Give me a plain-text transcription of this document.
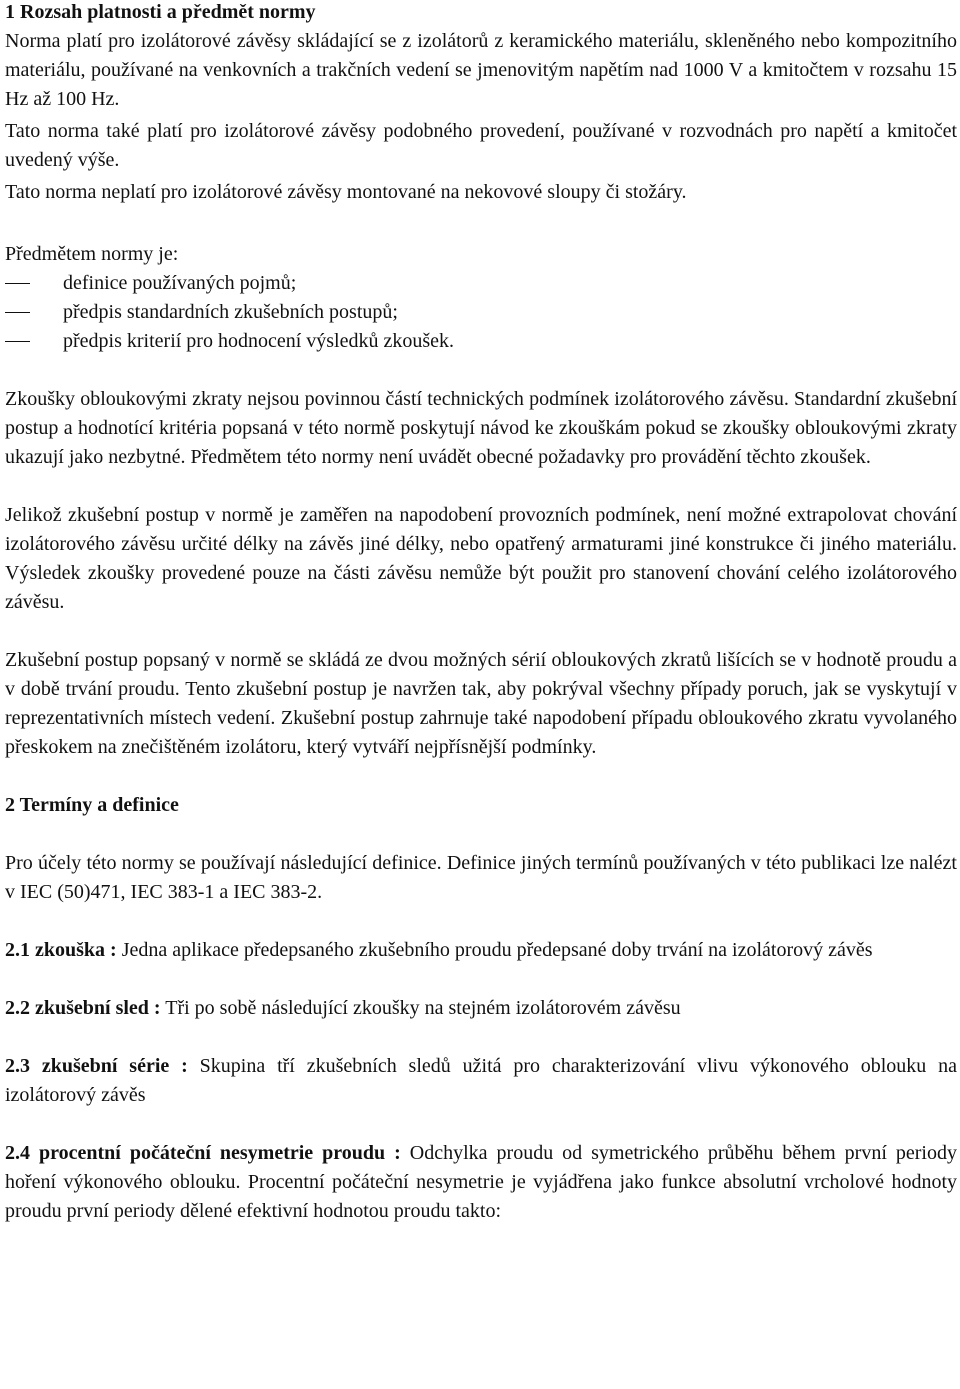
1 Rozsah platnosti a předmět normy

Norma platí pro izolátorové závěsy skládající se z izolátorů z keramického materiálu, skleněného nebo kompozitního materiálu, používané na venkovních a trakčních vedení se jmenovitým napětím nad 1000 V a kmitočtem v rozsahu 15 Hz až 100 Hz.

Tato norma také platí pro izolátorové závěsy podobného provedení, používané v rozvodnách pro napětí a kmitočet uvedený výše.

Tato norma neplatí pro izolátorové závěsy montované na nekovové sloupy či stožáry.

Předmětem normy je:

definice používaných pojmů;
předpis standardních zkušebních postupů;
předpis kriterií pro hodnocení výsledků zkoušek.

Zkoušky obloukovými zkraty nejsou povinnou částí technických podmínek izolátorového závěsu. Standardní zkušební postup a hodnotící kritéria popsaná v této normě poskytují návod ke zkouškám pokud se zkoušky obloukovými zkraty ukazují jako nezbytné. Předmětem této normy není uvádět obecné požadavky pro provádění těchto zkoušek.

Jelikož zkušební postup v normě je zaměřen na napodobení provozních podmínek, není možné extrapolovat chování izolátorového závěsu určité délky na závěs jiné délky, nebo opatřený armaturami jiné konstrukce či jiného materiálu. Výsledek zkoušky provedené pouze na části závěsu nemůže být použit pro stanovení chování celého izolátorového závěsu.

Zkušební postup popsaný v normě se skládá ze dvou možných sérií obloukových zkratů lišících se v hodnotě proudu a v době trvání proudu. Tento zkušební postup je navržen tak, aby pokrýval všechny případy poruch, jak se vyskytují v reprezentativních místech vedení. Zkušební postup zahrnuje také napodobení případu obloukového zkratu vyvolaného přeskokem na znečištěném izolátoru, který vytváří nejpřísnější podmínky.

2 Termíny a definice

Pro účely této normy se používají následující definice. Definice jiných termínů používaných v této publikaci lze nalézt v IEC (50)471, IEC 383-1 a IEC 383-2.

2.1 zkouška : Jedna aplikace předepsaného zkušebního proudu předepsané doby trvání na izolátorový závěs

2.2 zkušební sled : Tři po sobě následující zkoušky na stejném izolátorovém závěsu

2.3 zkušební série : Skupina tří zkušebních sledů užitá pro charakterizování vlivu výkonového oblouku na izolátorový závěs

2.4 procentní počáteční nesymetrie proudu : Odchylka proudu od symetrického průběhu během první periody hoření výkonového oblouku. Procentní počáteční nesymetrie je vyjádřena jako funkce absolutní vrcholové hodnoty proudu první periody dělené efektivní hodnotou proudu takto:
